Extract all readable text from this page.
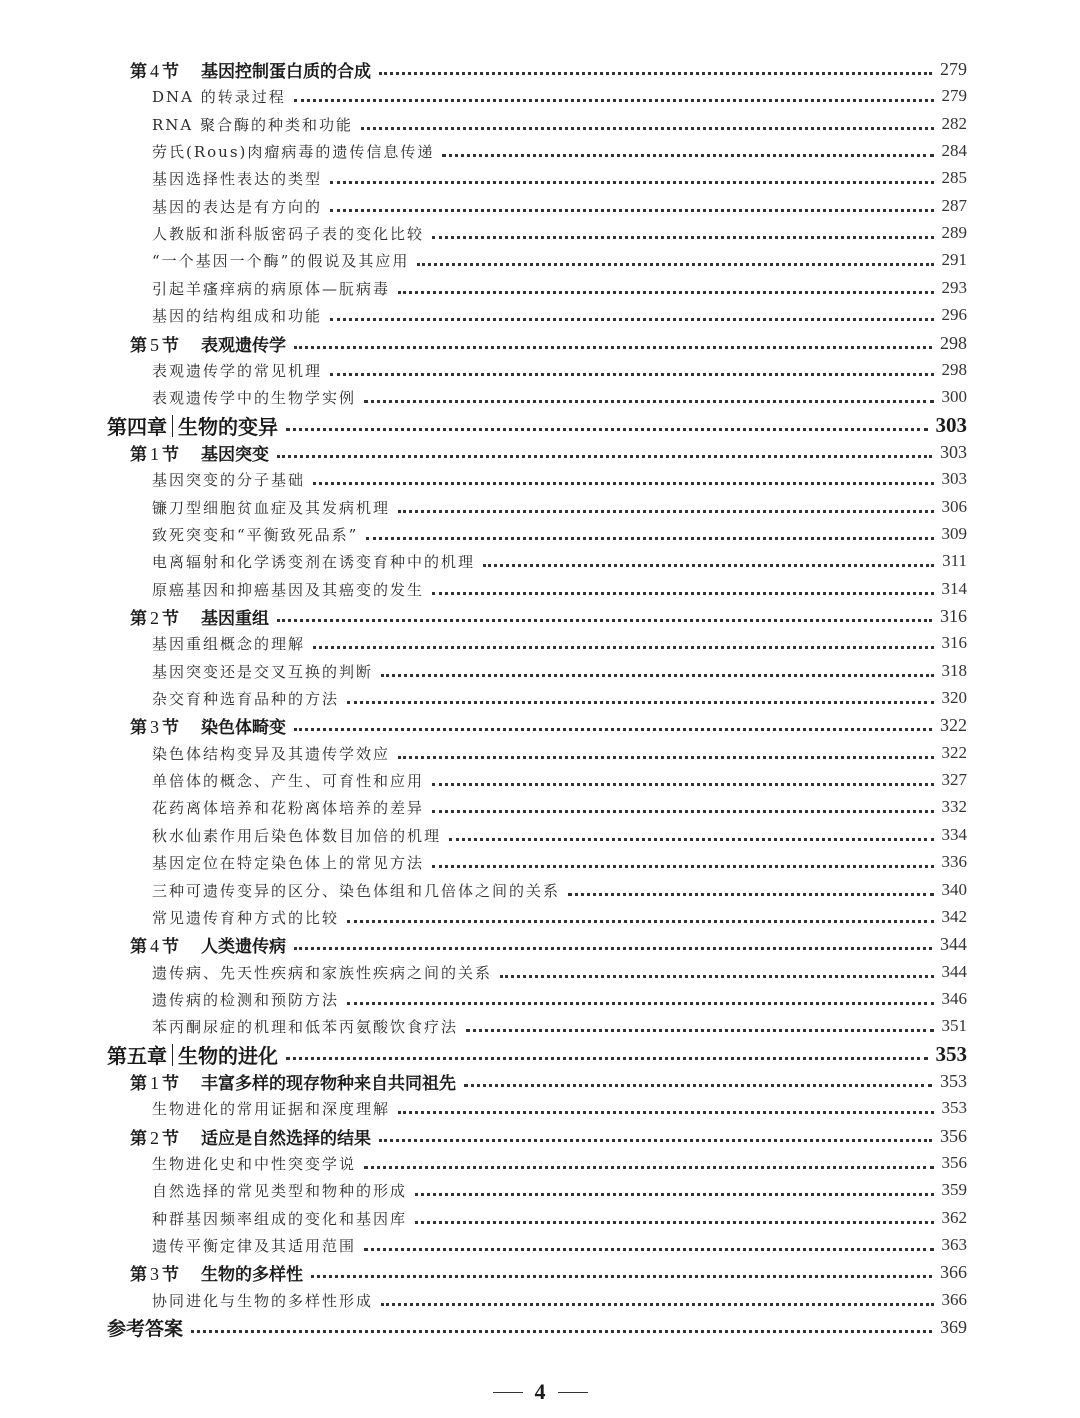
第 4 节 基因控制蛋白质的合成	279
DNA 的转录过程	279
RNA 聚合酶的种类和功能	282
劳氏(Rous)肉瘤病毒的遗传信息传递	284
基因选择性表达的类型	285
基因的表达是有方向的	287
人教版和浙科版密码子表的变化比较	289
“一个基因一个酶”的假说及其应用	291
引起羊瘙痒病的病原体—朊病毒	293
基因的结构组成和功能	296
第 5 节 表观遗传学	298
表观遗传学的常见机理	298
表观遗传学中的生物学实例	300
第四章 生物的变异	303
第 1 节 基因突变	303
基因突变的分子基础	303
镰刀型细胞贫血症及其发病机理	306
致死突变和“平衡致死品系”	309
电离辐射和化学诱变剂在诱变育种中的机理	311
原癌基因和抑癌基因及其癌变的发生	314
第 2 节 基因重组	316
基因重组概念的理解	316
基因突变还是交叉互换的判断	318
杂交育种选育品种的方法	320
第 3 节 染色体畸变	322
染色体结构变异及其遗传学效应	322
单倍体的概念、产生、可育性和应用	327
花药离体培养和花粉离体培养的差异	332
秋水仙素作用后染色体数目加倍的机理	334
基因定位在特定染色体上的常见方法	336
三种可遗传变异的区分、染色体组和几倍体之间的关系	340
常见遗传育种方式的比较	342
第 4 节 人类遗传病	344
遗传病、先天性疾病和家族性疾病之间的关系	344
遗传病的检测和预防方法	346
苯丙酮尿症的机理和低苯丙氨酸饮食疗法	351
第五章 生物的进化	353
第 1 节 丰富多样的现存物种来自共同祖先	353
生物进化的常用证据和深度理解	353
第 2 节 适应是自然选择的结果	356
生物进化史和中性突变学说	356
自然选择的常见类型和物种的形成	359
种群基因频率组成的变化和基因库	362
遗传平衡定律及其适用范围	363
第 3 节 生物的多样性	366
协同进化与生物的多样性形成	366
参考答案	369
4
